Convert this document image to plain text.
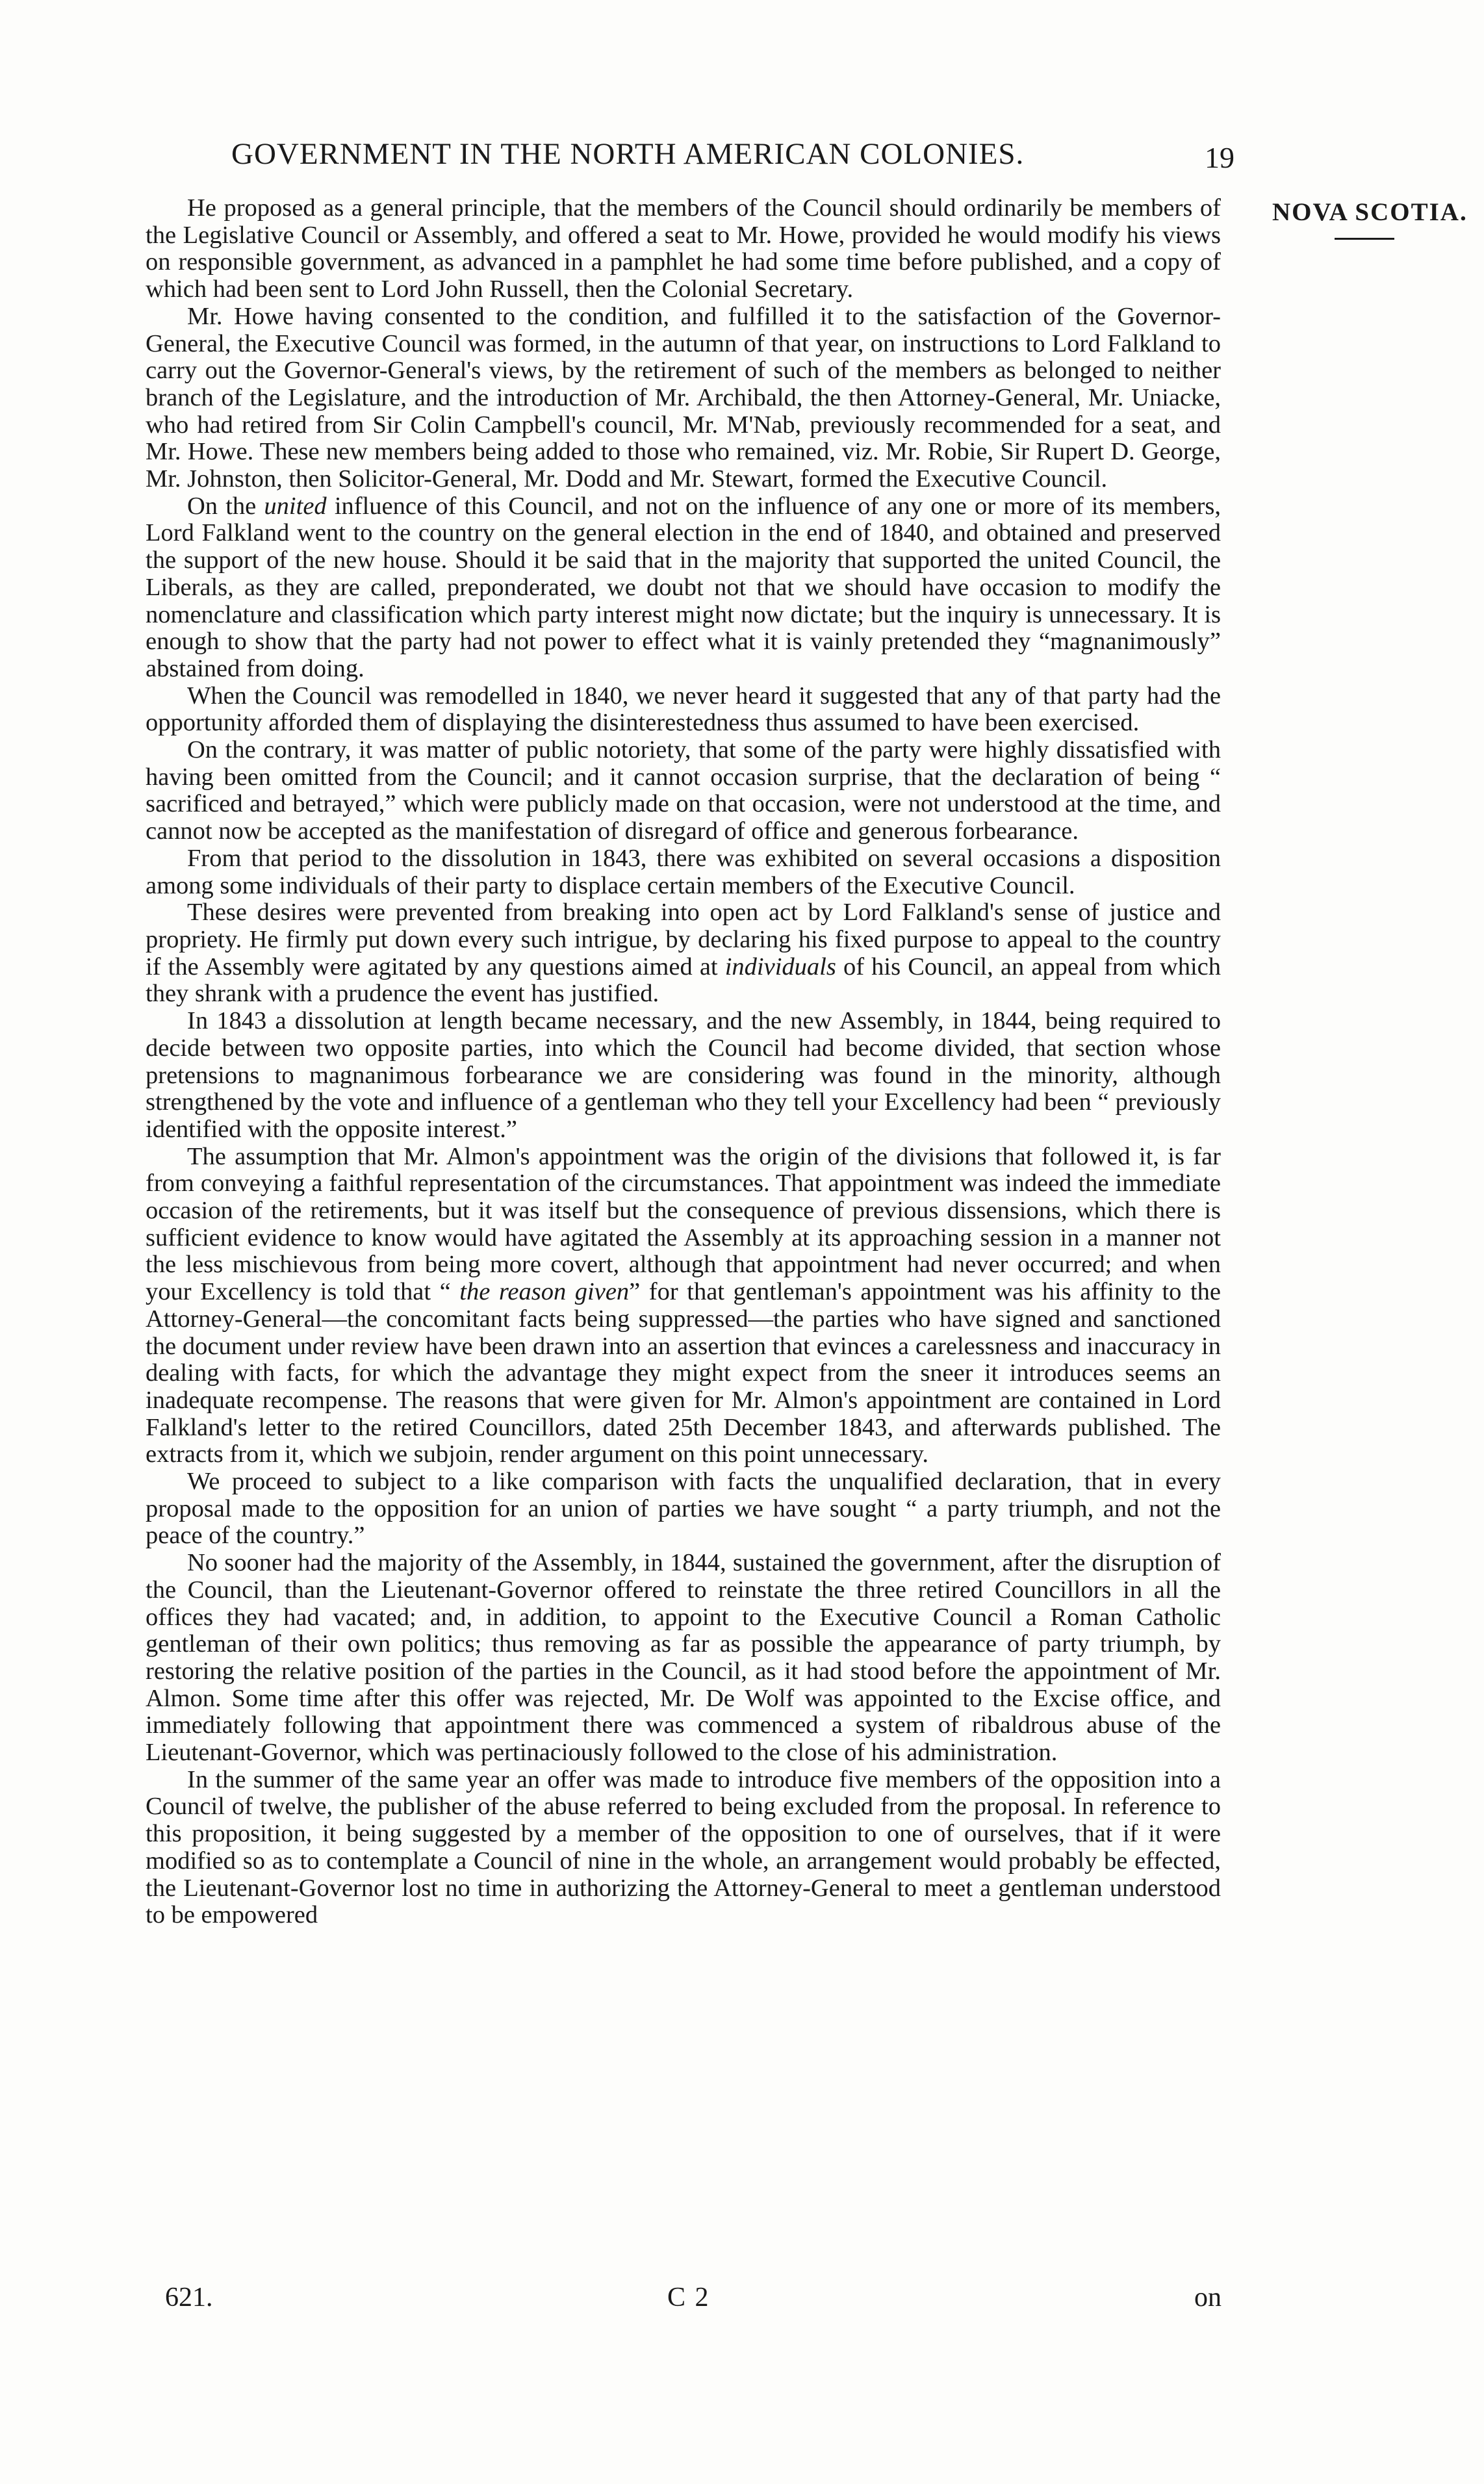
GOVERNMENT IN THE NORTH AMERICAN COLONIES.	19
NOVA SCOTIA.

He proposed as a general principle, that the members of the Council should ordinarily be members of the Legislative Council or Assembly, and offered a seat to Mr. Howe, provided he would modify his views on responsible government, as advanced in a pamphlet he had some time before published, and a copy of which had been sent to Lord John Russell, then the Colonial Secretary.

Mr. Howe having consented to the condition, and fulfilled it to the satisfaction of the Governor-General, the Executive Council was formed, in the autumn of that year, on instructions to Lord Falkland to carry out the Governor-General's views, by the retirement of such of the members as belonged to neither branch of the Legislature, and the introduction of Mr. Archibald, the then Attorney-General, Mr. Uniacke, who had retired from Sir Colin Campbell's council, Mr. M'Nab, previously recommended for a seat, and Mr. Howe. These new members being added to those who remained, viz. Mr. Robie, Sir Rupert D. George, Mr. Johnston, then Solicitor-General, Mr. Dodd and Mr. Stewart, formed the Executive Council.

On the united influence of this Council, and not on the influence of any one or more of its members, Lord Falkland went to the country on the general election in the end of 1840, and obtained and preserved the support of the new house. Should it be said that in the majority that supported the united Council, the Liberals, as they are called, preponderated, we doubt not that we should have occasion to modify the nomenclature and classification which party interest might now dictate; but the inquiry is unnecessary. It is enough to show that the party had not power to effect what it is vainly pretended they “magnanimously” abstained from doing.

When the Council was remodelled in 1840, we never heard it suggested that any of that party had the opportunity afforded them of displaying the disinterestedness thus assumed to have been exercised.

On the contrary, it was matter of public notoriety, that some of the party were highly dissatisfied with having been omitted from the Council; and it cannot occasion surprise, that the declaration of being “ sacrificed and betrayed,” which were publicly made on that occasion, were not understood at the time, and cannot now be accepted as the manifestation of disregard of office and generous forbearance.

From that period to the dissolution in 1843, there was exhibited on several occasions a disposition among some individuals of their party to displace certain members of the Executive Council.

These desires were prevented from breaking into open act by Lord Falkland's sense of justice and propriety. He firmly put down every such intrigue, by declaring his fixed purpose to appeal to the country if the Assembly were agitated by any questions aimed at individuals of his Council, an appeal from which they shrank with a prudence the event has justified.

In 1843 a dissolution at length became necessary, and the new Assembly, in 1844, being required to decide between two opposite parties, into which the Council had become divided, that section whose pretensions to magnanimous forbearance we are considering was found in the minority, although strengthened by the vote and influence of a gentleman who they tell your Excellency had been “ previously identified with the opposite interest.”

The assumption that Mr. Almon's appointment was the origin of the divisions that followed it, is far from conveying a faithful representation of the circumstances. That appointment was indeed the immediate occasion of the retirements, but it was itself but the consequence of previous dissensions, which there is sufficient evidence to know would have agitated the Assembly at its approaching session in a manner not the less mischievous from being more covert, although that appointment had never occurred; and when your Excellency is told that “ the reason given” for that gentleman's appointment was his affinity to the Attorney-General—the concomitant facts being suppressed—the parties who have signed and sanctioned the document under review have been drawn into an assertion that evinces a carelessness and inaccuracy in dealing with facts, for which the advantage they might expect from the sneer it introduces seems an inadequate recompense. The reasons that were given for Mr. Almon's appointment are contained in Lord Falkland's letter to the retired Councillors, dated 25th December 1843, and afterwards published. The extracts from it, which we subjoin, render argument on this point unnecessary.

We proceed to subject to a like comparison with facts the unqualified declaration, that in every proposal made to the opposition for an union of parties we have sought “ a party triumph, and not the peace of the country.”

No sooner had the majority of the Assembly, in 1844, sustained the government, after the disruption of the Council, than the Lieutenant-Governor offered to reinstate the three retired Councillors in all the offices they had vacated; and, in addition, to appoint to the Executive Council a Roman Catholic gentleman of their own politics; thus removing as far as possible the appearance of party triumph, by restoring the relative position of the parties in the Council, as it had stood before the appointment of Mr. Almon. Some time after this offer was rejected, Mr. De Wolf was appointed to the Excise office, and immediately following that appointment there was commenced a system of ribaldrous abuse of the Lieutenant-Governor, which was pertinaciously followed to the close of his administration.

In the summer of the same year an offer was made to introduce five members of the opposition into a Council of twelve, the publisher of the abuse referred to being excluded from the proposal. In reference to this proposition, it being suggested by a member of the opposition to one of ourselves, that if it were modified so as to contemplate a Council of nine in the whole, an arrangement would probably be effected, the Lieutenant-Governor lost no time in authorizing the Attorney-General to meet a gentleman understood to be empowered

621.	C 2	on
